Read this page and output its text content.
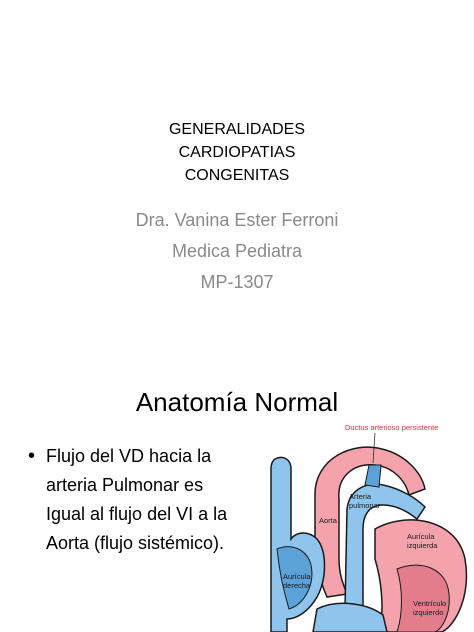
GENERALIDADES
CARDIOPATIAS
CONGENITAS
Dra. Vanina Ester Ferroni
Medica Pediatra
MP-1307
Anatomía Normal
• Flujo del VD hacia la
arteria Pulmonar es
Igual al flujo del VI a la
Aorta (flujo sistémico).
Ductus arterioso persistente
Arteria
pulmonar
Aorta
Aurícula
izquierda
Aurícula
derecha
Ventrículo
izquierdo
